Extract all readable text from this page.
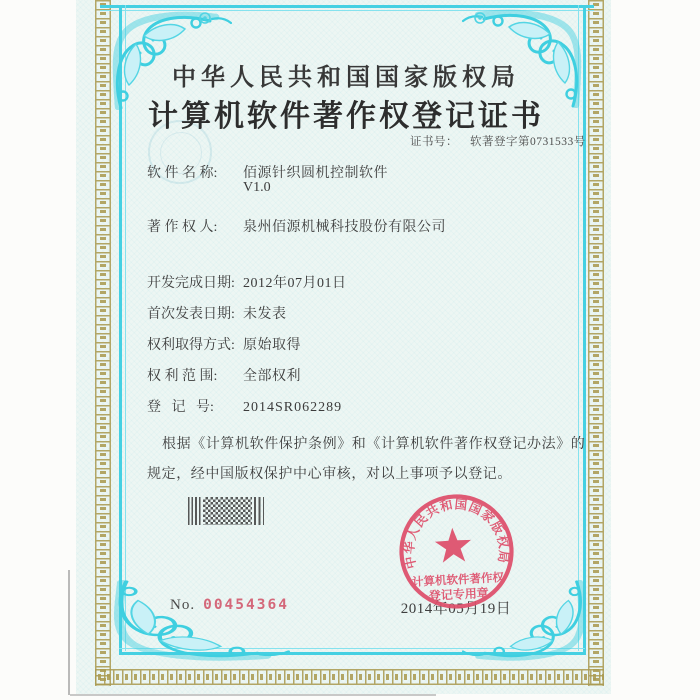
中华人民共和国国家版权局
计算机软件著作权登记证书
证书号： 软著登字第0731533号
软 件 名 称: 佰源针织圆机控制软件
V1.0
著 作 权 人: 泉州佰源机械科技股份有限公司
开发完成日期: 2012年07月01日
首次发表日期: 未发表
权利取得方式: 原始取得
权 利 范 围: 全部权利
登   记   号: 2014SR062289
根据《计算机软件保护条例》和《计算机软件著作权登记办法》的
规定，经中国版权保护中心审核，对以上事项予以登记。
No. 00454364	2014年05月19日
中华人民共和国国家版权局
计算机软件著作权
登记专用章
